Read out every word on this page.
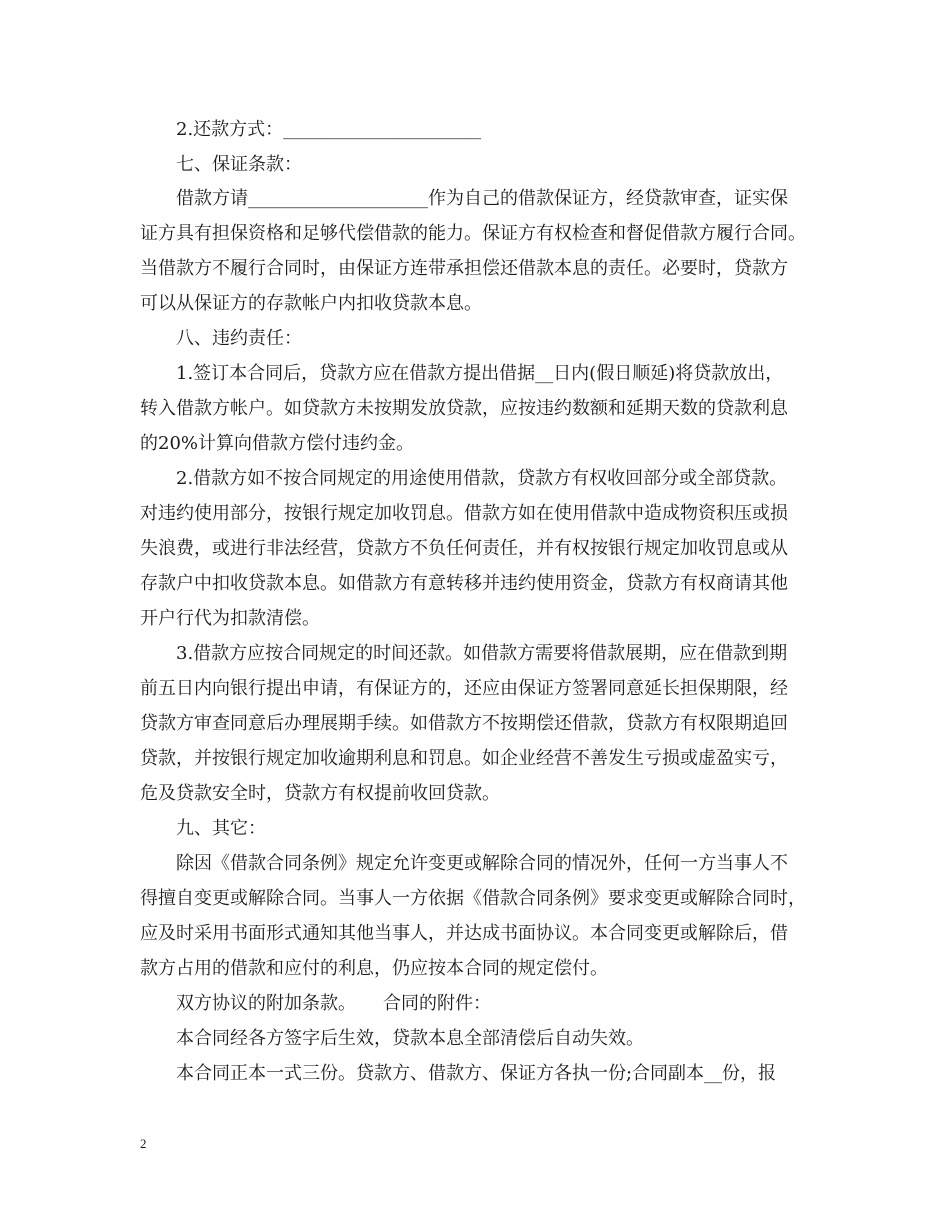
2.还款方式：______________________
七、保证条款：
借款方请____________________作为自己的借款保证方，经贷款审查，证实保
证方具有担保资格和足够代偿借款的能力。保证方有权检查和督促借款方履行合同。
当借款方不履行合同时，由保证方连带承担偿还借款本息的责任。必要时，贷款方
可以从保证方的存款帐户内扣收贷款本息。
八、违约责任：
1.签订本合同后，贷款方应在借款方提出借据__日内(假日顺延)将贷款放出，
转入借款方帐户。如贷款方未按期发放贷款，应按违约数额和延期天数的贷款利息
的20%计算向借款方偿付违约金。
2.借款方如不按合同规定的用途使用借款，贷款方有权收回部分或全部贷款。
对违约使用部分，按银行规定加收罚息。借款方如在使用借款中造成物资积压或损
失浪费，或进行非法经营，贷款方不负任何责任，并有权按银行规定加收罚息或从
存款户中扣收贷款本息。如借款方有意转移并违约使用资金，贷款方有权商请其他
开户行代为扣款清偿。
3.借款方应按合同规定的时间还款。如借款方需要将借款展期，应在借款到期
前五日内向银行提出申请，有保证方的，还应由保证方签署同意延长担保期限，经
贷款方审查同意后办理展期手续。如借款方不按期偿还借款，贷款方有权限期追回
贷款，并按银行规定加收逾期利息和罚息。如企业经营不善发生亏损或虚盈实亏，
危及贷款安全时，贷款方有权提前收回贷款。
九、其它：
除因《借款合同条例》规定允许变更或解除合同的情况外，任何一方当事人不
得擅自变更或解除合同。当事人一方依据《借款合同条例》要求变更或解除合同时，
应及时采用书面形式通知其他当事人，并达成书面协议。本合同变更或解除后，借
款方占用的借款和应付的利息，仍应按本合同的规定偿付。
双方协议的附加条款。　　合同的附件：
本合同经各方签字后生效，贷款本息全部清偿后自动失效。
本合同正本一式三份。贷款方、借款方、保证方各执一份;合同副本__份，报
2
